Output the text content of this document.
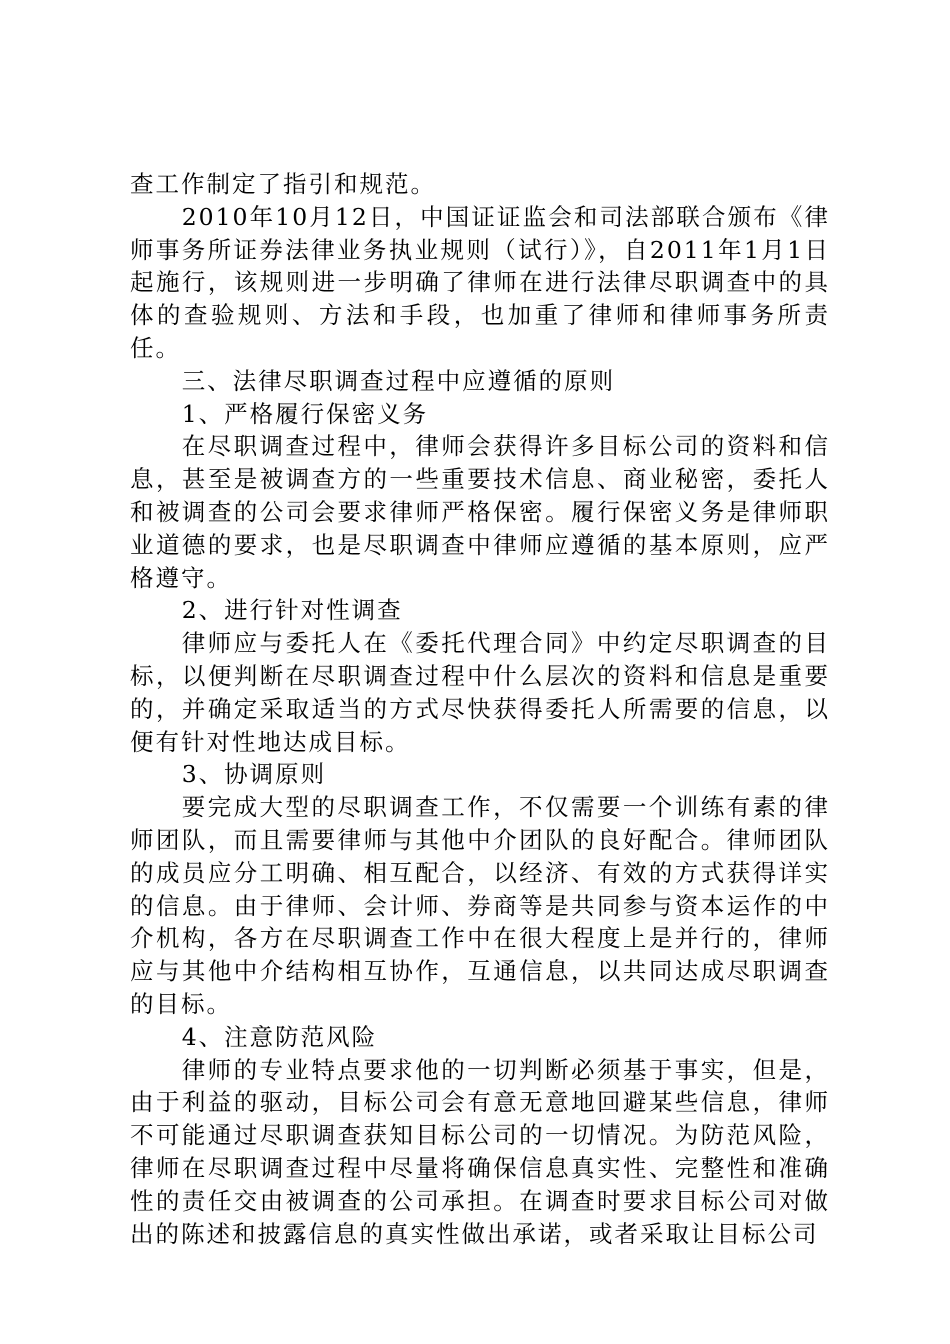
查工作制定了指引和规范。

2010年10月12日，中国证证监会和司法部联合颁布《律师事务所证券法律业务执业规则（试行）》，自2011年1月1日起施行，该规则进一步明确了律师在进行法律尽职调查中的具体的查验规则、方法和手段，也加重了律师和律师事务所责任。

三、法律尽职调查过程中应遵循的原则

1、严格履行保密义务

在尽职调查过程中，律师会获得许多目标公司的资料和信息，甚至是被调查方的一些重要技术信息、商业秘密，委托人和被调查的公司会要求律师严格保密。履行保密义务是律师职业道德的要求，也是尽职调查中律师应遵循的基本原则，应严格遵守。

2、进行针对性调查

律师应与委托人在《委托代理合同》中约定尽职调查的目标，以便判断在尽职调查过程中什么层次的资料和信息是重要的，并确定采取适当的方式尽快获得委托人所需要的信息，以便有针对性地达成目标。

3、协调原则

要完成大型的尽职调查工作，不仅需要一个训练有素的律师团队，而且需要律师与其他中介团队的良好配合。律师团队的成员应分工明确、相互配合，以经济、有效的方式获得详实的信息。由于律师、会计师、券商等是共同参与资本运作的中介机构，各方在尽职调查工作中在很大程度上是并行的，律师应与其他中介结构相互协作，互通信息，以共同达成尽职调查的目标。

4、注意防范风险

律师的专业特点要求他的一切判断必须基于事实，但是，由于利益的驱动，目标公司会有意无意地回避某些信息，律师不可能通过尽职调查获知目标公司的一切情况。为防范风险，律师在尽职调查过程中尽量将确保信息真实性、完整性和准确性的责任交由被调查的公司承担。在调查时要求目标公司对做出的陈述和披露信息的真实性做出承诺，或者采取让目标公司
